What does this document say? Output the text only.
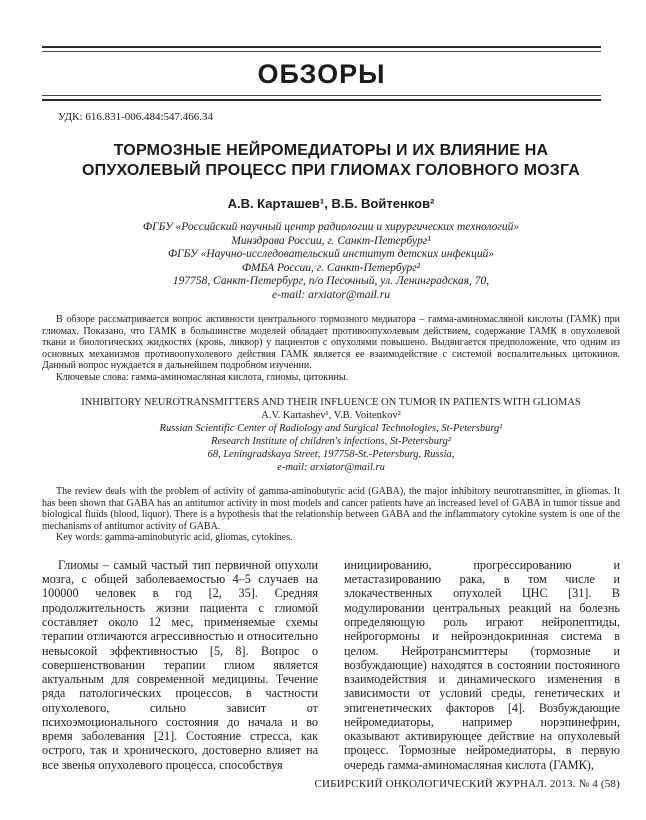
ОБЗОРЫ
УДК: 616.831-006.484:547.466.34
ТОРМОЗНЫЕ НЕЙРОМЕДИАТОРЫ И ИХ ВЛИЯНИЕ НА ОПУХОЛЕВЫЙ ПРОЦЕСС ПРИ ГЛИОМАХ ГОЛОВНОГО МОЗГА
А.В. Карташев¹, В.Б. Войтенков²
ФГБУ «Российский научный центр радиологии и хирургических технологий»
Минздрава России, г. Санкт-Петербург¹
ФГБУ «Научно-исследовательский институт детских инфекций»
ФМБА России, г. Санкт-Петербург²
197758, Санкт-Петербург, п/о Песочный, ул. Ленинградская, 70,
e-mail: arxiator@mail.ru

В обзоре рассматривается вопрос активности центрального тормозного медиатора – гамма-аминомасляной кислоты (ГАМК) при глиомах. Показано, что ГАМК в большинстве моделей обладает противоопухолевым действием, содержание ГАМК в опухолевой ткани и биологических жидкостях (кровь, ликвор) у пациентов с опухолями повышено. Выдвигается предположение, что одним из основных механизмов противоопухолевого действия ГАМК является ее взаимодействие с системой воспалительных цитокинов. Данный вопрос нуждается в дальнейшем подробном изучении.

Ключевые слова: гамма-аминомасляная кислота, глиомы, цитокины.

INHIBITORY NEUROTRANSMITTERS AND THEIR INFLUENCE ON TUMOR IN PATIENTS WITH GLIOMAS
A.V. Kartashev¹, V.B. Voitenkov²
Russian Scientific Center of Radiology and Surgical Technologies, St-Petersburg¹
Research Institute of children's infections, St-Petersburg²
68, Leningradskaya Street, 197758-St.-Petersburg, Russia,
e-mail: arxiator@mail.ru

The review deals with the problem of activity of gamma-aminobutyric acid (GABA), the major inhibitory neurotransmitter, in gliomas. It has been shown that GABA has an antitumor activity in most models and cancer patients have an increased level of GABA in tumor tissue and biological fluids (blood, liquor). There is a hypothesis that the relationship between GABA and the inflammatory cytokine system is one of the mechanisms of antitumor activity of GABA.

Key words: gamma-aminobutyric acid, gliomas, cytokines.

Глиомы – самый частый тип первичной опухоли мозга, с общей заболеваемостью 4–5 случаев на 100000 человек в год [2, 35]. Средняя продолжительность жизни пациента с глиомой составляет около 12 мес, применяемые схемы терапии отличаются агрессивностью и относительно невысокой эффективностью [5, 8]. Вопрос о совершенствовании терапии глиом является актуальным для современной медицины. Течение ряда патологических процессов, в частности опухолевого, сильно зависит от психоэмоционального состояния до начала и во время заболевания [21]. Состояние стресса, как острого, так и хронического, достоверно влияет на все звенья опухолевого процесса, способствуя

инициированию, прогрессированию и метастазированию рака, в том числе и злокачественных опухолей ЦНС [31]. В модулировании центральных реакций на болезнь определяющую роль играют нейропептиды, нейрогормоны и нейроэндокринная система в целом. Нейротрансмиттеры (тормозные и возбуждающие) находятся в состоянии постоянного взаимодействия и динамического изменения в зависимости от условий среды, генетических и эпигенетических факторов [4]. Возбуждающие нейромедиаторы, например норэпинефрин, оказывают активирующее действие на опухолевый процесс. Тормозные нейромедиаторы, в первую очередь гамма-аминомасляная кислота (ГАМК),

СИБИРСКИЙ ОНКОЛОГИЧЕСКИЙ ЖУРНАЛ. 2013. № 4 (58)
